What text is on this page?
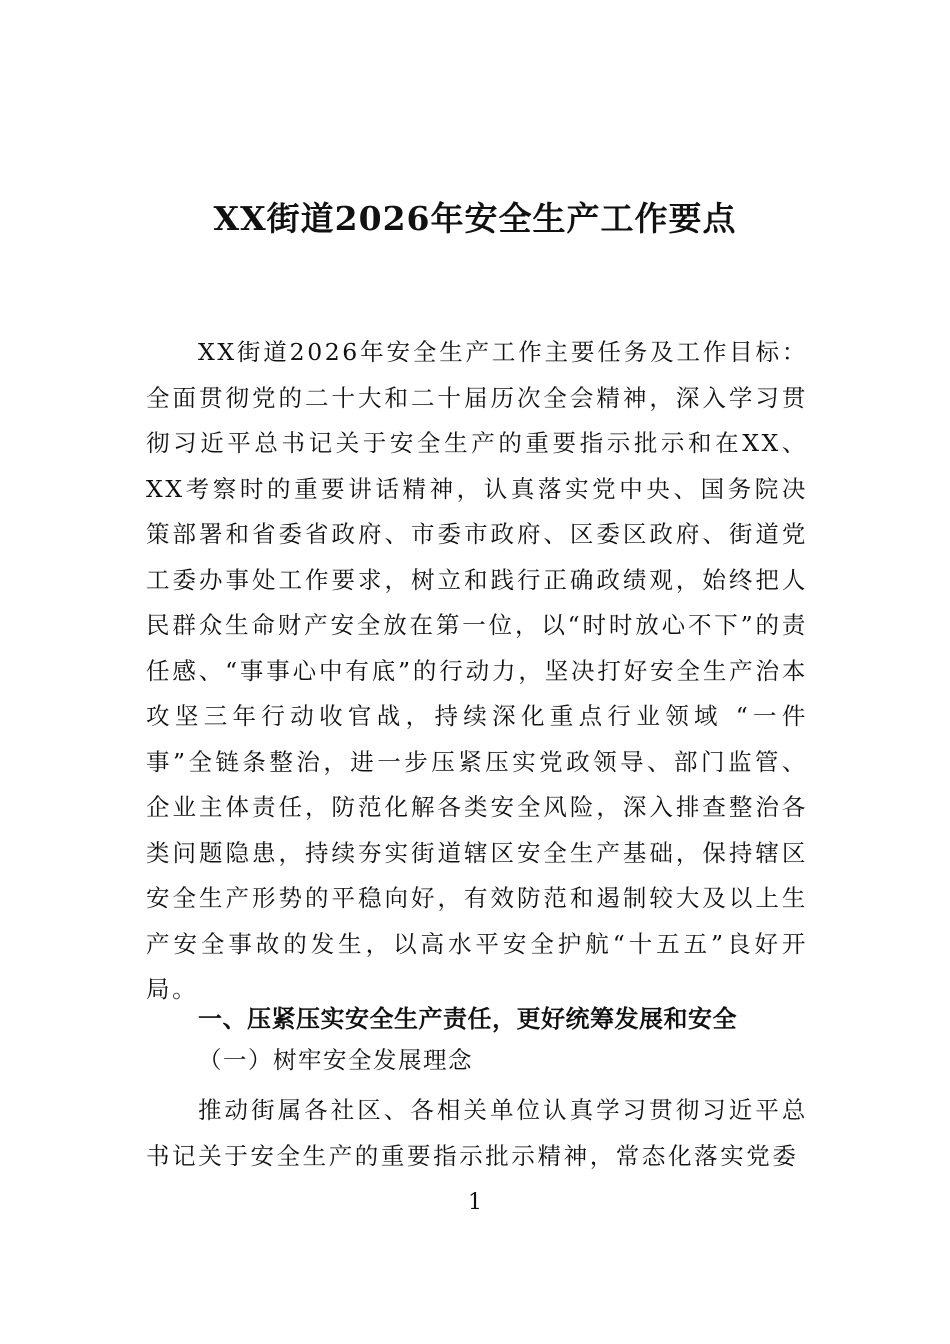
XX街道2026年安全生产工作要点

XX街道2026年安全生产工作主要任务及工作目标：全面贯彻党的二十大和二十届历次全会精神，深入学习贯彻习近平总书记关于安全生产的重要指示批示和在XX、XX考察时的重要讲话精神，认真落实党中央、国务院决策部署和省委省政府、市委市政府、区委区政府、街道党工委办事处工作要求，树立和践行正确政绩观，始终把人民群众生命财产安全放在第一位，以“时时放心不下”的责任感、“事事心中有底”的行动力，坚决打好安全生产治本攻坚三年行动收官战，持续深化重点行业领域 “一件事”全链条整治，进一步压紧压实党政领导、部门监管、企业主体责任，防范化解各类安全风险，深入排查整治各类问题隐患，持续夯实街道辖区安全生产基础，保持辖区安全生产形势的平稳向好，有效防范和遏制较大及以上生产安全事故的发生，以高水平安全护航“十五五”良好开局。

一、压紧压实安全生产责任，更好统筹发展和安全

（一）树牢安全发展理念

推动街属各社区、各相关单位认真学习贯彻习近平总书记关于安全生产的重要指示批示精神，常态化落实党委

1
